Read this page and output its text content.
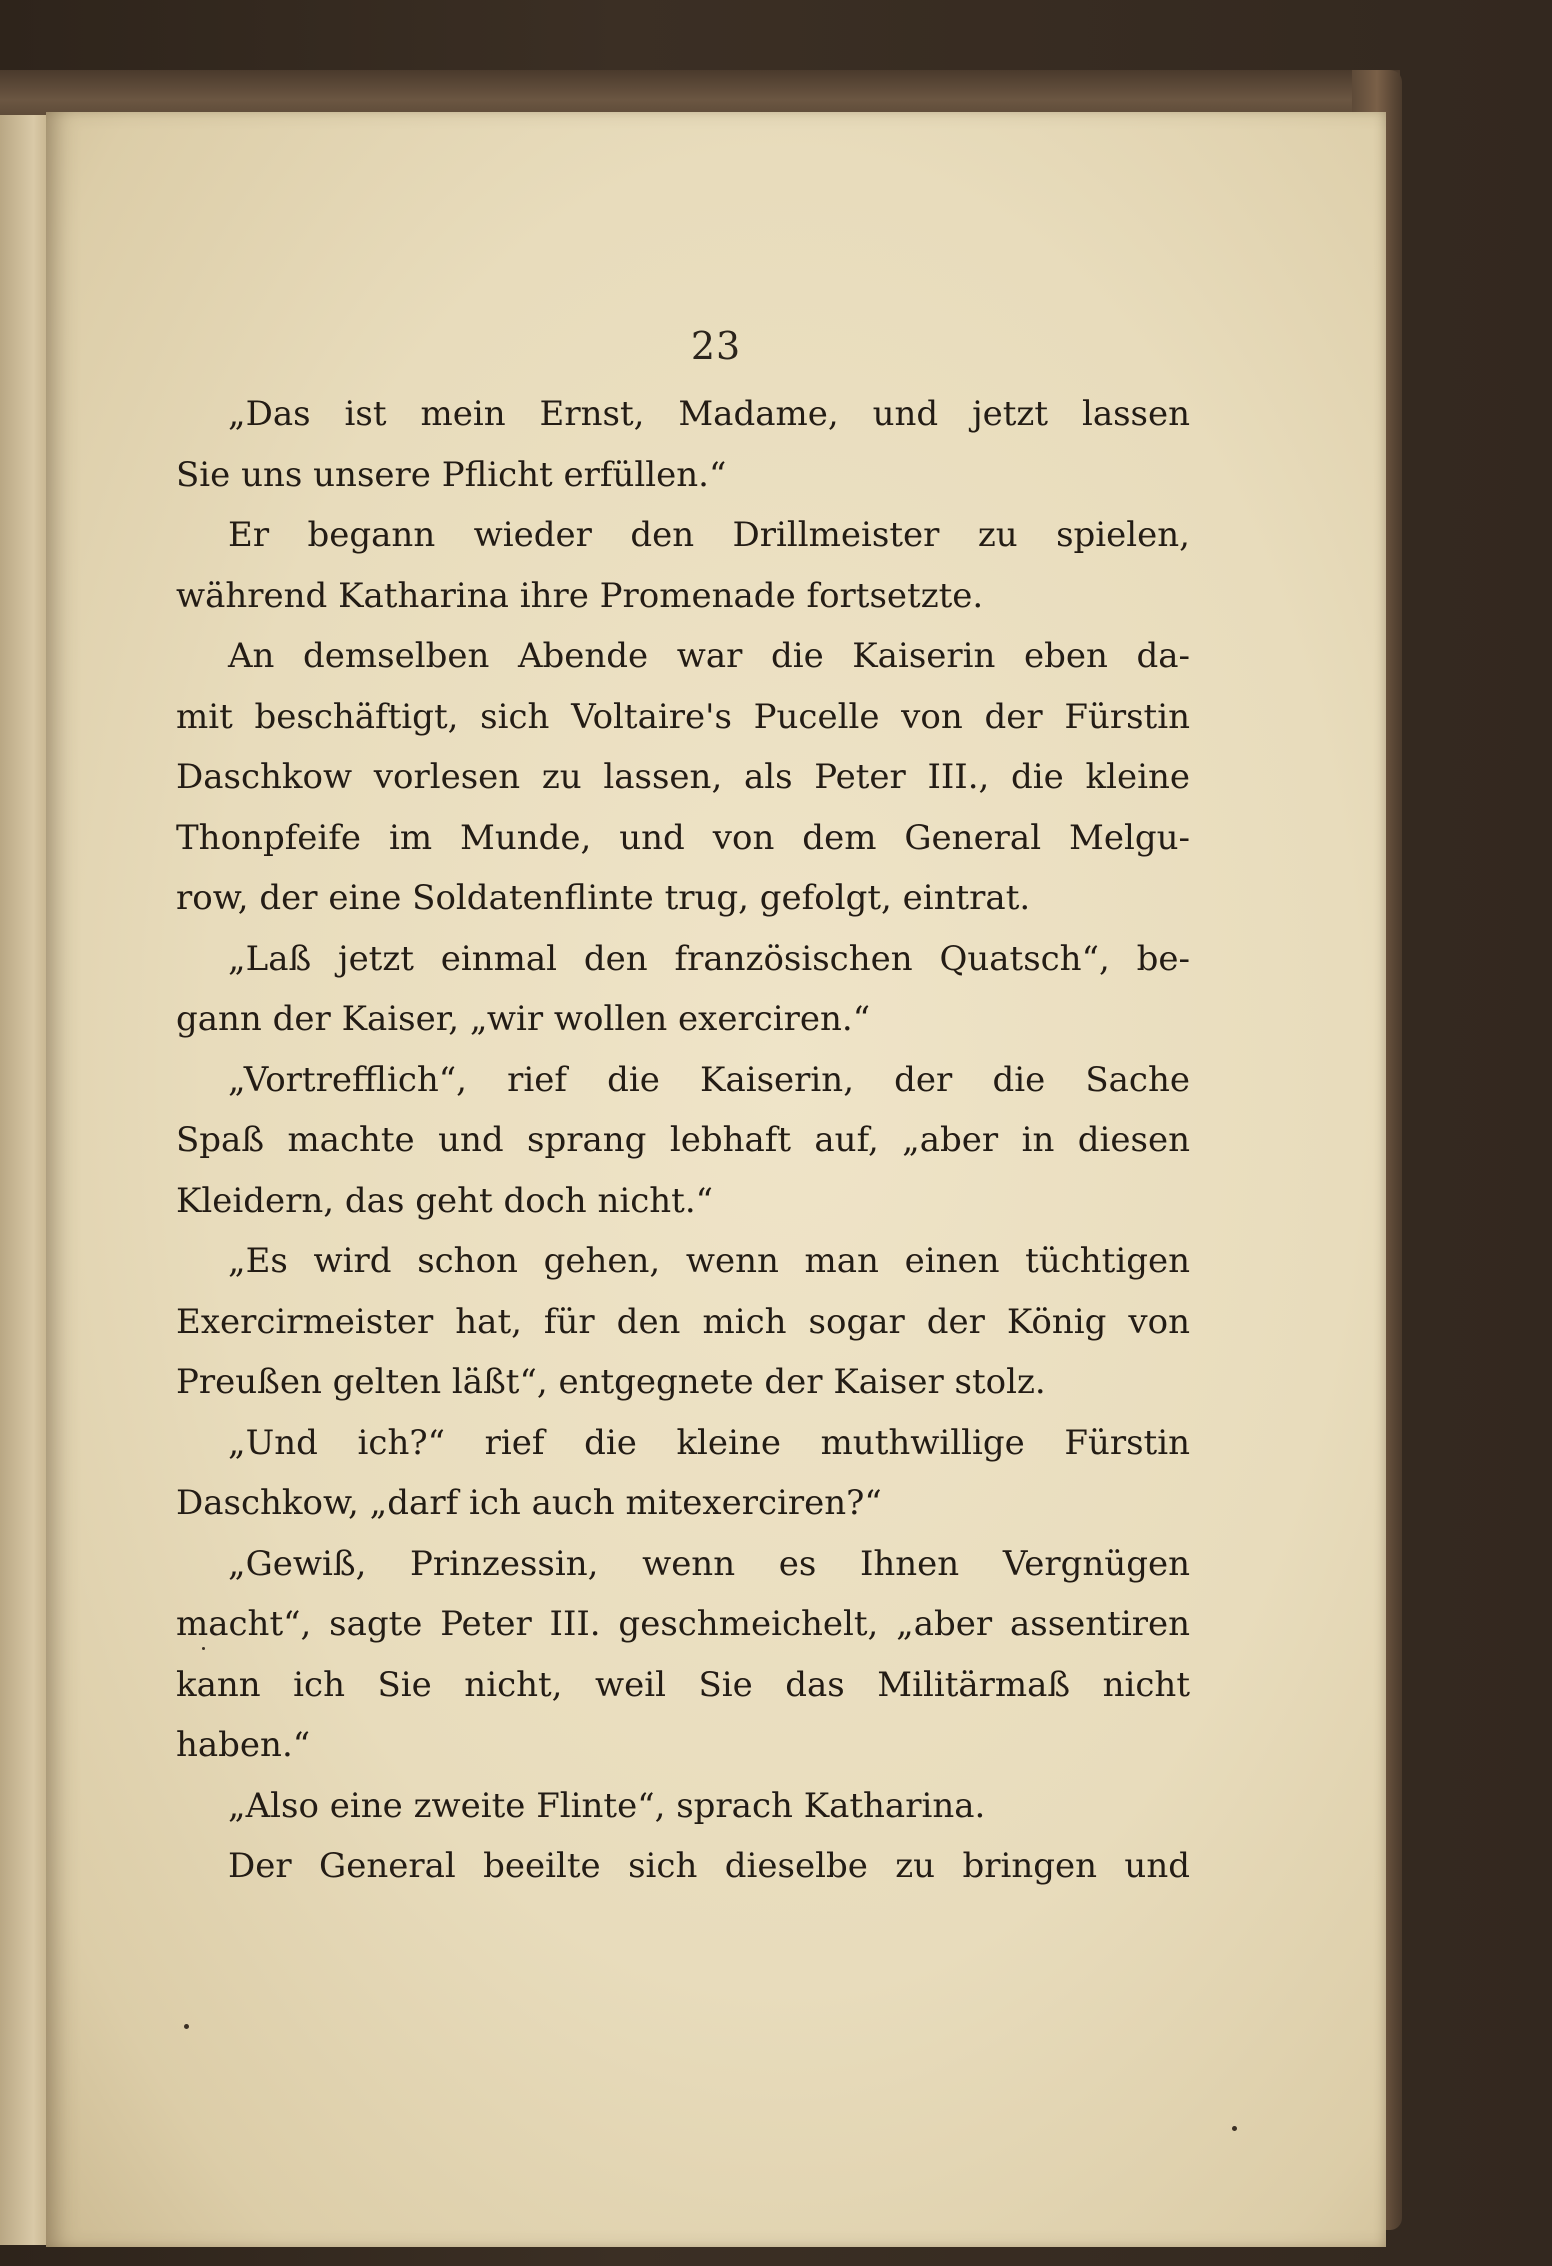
23
„Das ist mein Ernst, Madame, und jetzt lassen
Sie uns unsere Pflicht erfüllen.“
Er begann wieder den Drillmeister zu spielen,
während Katharina ihre Promenade fortsetzte.
An demselben Abende war die Kaiserin eben da-
mit beschäftigt, sich Voltaire's Pucelle von der Fürstin
Daschkow vorlesen zu lassen, als Peter III., die kleine
Thonpfeife im Munde, und von dem General Melgu-
row, der eine Soldatenflinte trug, gefolgt, eintrat.
„Laß jetzt einmal den französischen Quatsch“, be-
gann der Kaiser, „wir wollen exerciren.“
„Vortrefflich“, rief die Kaiserin, der die Sache
Spaß machte und sprang lebhaft auf, „aber in diesen
Kleidern, das geht doch nicht.“
„Es wird schon gehen, wenn man einen tüchtigen
Exercirmeister hat, für den mich sogar der König von
Preußen gelten läßt“, entgegnete der Kaiser stolz.
„Und ich?“ rief die kleine muthwillige Fürstin
Daschkow, „darf ich auch mitexerciren?“
„Gewiß, Prinzessin, wenn es Ihnen Vergnügen
macht“, sagte Peter III. geschmeichelt, „aber assentiren
kann ich Sie nicht, weil Sie das Militärmaß nicht
haben.“
„Also eine zweite Flinte“, sprach Katharina.
Der General beeilte sich dieselbe zu bringen und
